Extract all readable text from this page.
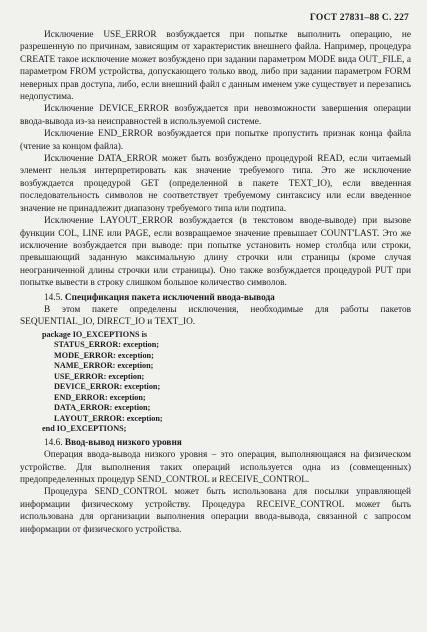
ГОСТ 27831–88 С. 227

Исключение USE_ERROR возбуждается при попытке выполнить операцию, не разрешенную по причинам, зависящим от характеристик внешнего файла. Например, процедура CREATE такое исключение может возбуждено при задании параметром MODE вида OUT_FILE, а параметром FROM устройства, допускающего только ввод, либо при задании параметром FORM неверных прав доступа, либо, если внешний файл с данным именем уже существует и перезапись недопустима.

Исключение DEVICE_ERROR возбуждается при невозможности завершения операции ввода-вывода из-за неисправностей в используемой системе.

Исключение END_ERROR возбуждается при попытке пропустить признак конца файла (чтение за концом файла).

Исключение DATA_ERROR может быть возбуждено процедурой READ, если читаемый элемент нельзя интерпретировать как значение требуемого типа. Это же исключение возбуждается процедурой GET (определенной в пакете TEXT_IO), если введенная последовательность символов не соответствует требуемому синтаксису или если введенное значение не принадлежит диапазону требуемого типа или подтипа.

Исключение LAYOUT_ERROR возбуждается (в текстовом вводе-выводе) при вызове функции COL, LINE или PAGE, если возвращаемое значение превышает COUNT'LAST. Это же исключение возбуждается при выводе: при попытке установить номер столбца или строки, превышающий заданную максимальную длину строчки или страницы (кроме случая неограниченной длины строчки или страницы). Оно также возбуждается процедурой PUT при попытке вывести в строку слишком большое количество символов.

14.5. Спецификация пакета исключений ввода-вывода

В этом пакете определены исключения, необходимые для работы пакетов SEQUENTIAL_IO, DIRECT_IO и TEXT_IO.

package IO_EXCEPTIONS is
STATUS_ERROR: exception;
MODE_ERROR: exception;
NAME_ERROR: exception;
USE_ERROR: exception;
DEVICE_ERROR: exception;
END_ERROR: exception;
DATA_ERROR: exception;
LAYOUT_ERROR: exception;
end IO_EXCEPTIONS;
14.6. Ввод-вывод низкого уровня

Операция ввода-вывода низкого уровня – это операция, выполняющаяся на физическом устройстве. Для выполнения таких операций используется одна из (совмещенных) предопределенных процедур SEND_CONTROL и RECEIVE_CONTROL.

Процедура SEND_CONTROL может быть использована для посылки управляющей информации физическому устройству. Процедура RECEIVE_CONTROL может быть использована для организации выполнения операции ввода-вывода, связанной с запросом информации от физического устройства.
